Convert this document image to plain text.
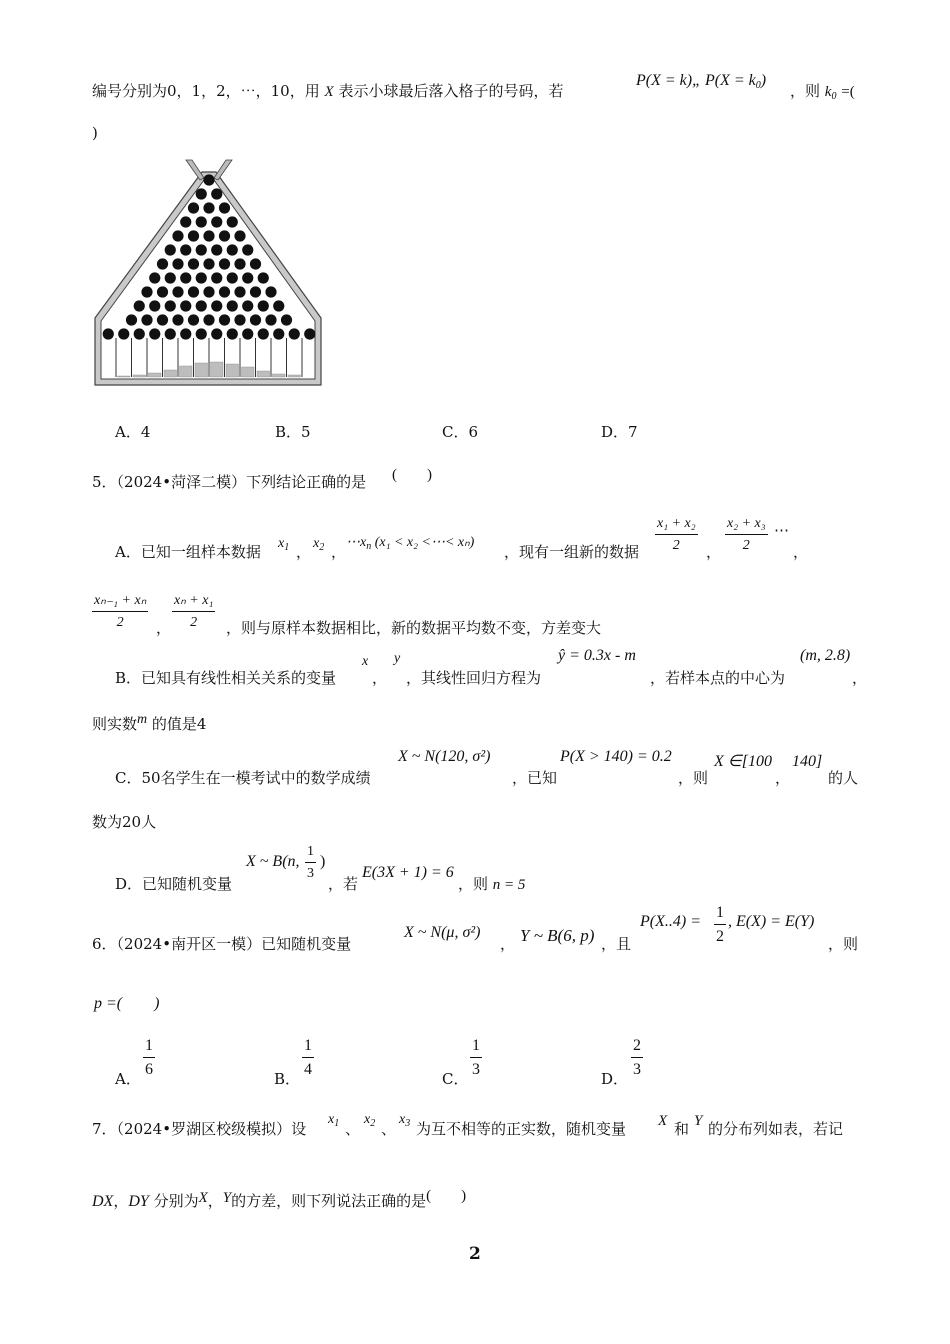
编号分别为0，1，2，⋯，10，用 X 表示小球最后落入格子的号码，若
P(X = k)„ $P(X = k_0)$
，则 $k_0$ =(
)
A．4	B．5	C．6	D．7
5．（2024•菏泽二模）下列结论正确的是 (　　)
A．已知一组样本数据 $x_1$ ， $x_2$ ，
$\cdots x_n$ (x₁ < x₂ <⋯< xₙ)
，现有一组新的数据
x₁ + x₂
2	，
x₂ + x₃
2
⋯
，
xₙ₋₁ + xₙ
2	，
xₙ + x₁
2	，则与原样本数据相比，新的数据平均数不变，方差变大
B．已知具有线性相关关系的变量
x
，
y
，其线性回归方程为
ŷ = 0.3x - m
，若样本点的中心为
(m, 2.8)
，
则实数m 的值是4
C．50名学生在一模考试中的数学成绩
X ~ N(120, σ²)
，已知
P(X > 140) = 0.2
，则
X ∈[100　 140]
，	的人
数为20人
D．已知随机变量
X ~ B(n,
1
3
)
，若
E(3X + 1) = 6
，则 n = 5
6．（2024•南开区一模）已知随机变量
X ~ N(μ, σ²)
， Y ~ B(6, p) ，且
P(X..4) =
1
2
, E(X) = E(Y)
，则
p =(　　)
A．
1
6
B．
1
4
C．
1
3
D．
2
3
7．（2024•罗湖区校级模拟）设
$x_1$ 、
$x_2$ 、
$x_3$ 为互不相等的正实数，随机变量 X 和 Y 的分布列如表，若记
DX，DY 分别为X，Y的方差，则下列说法正确的是(　　)
2
